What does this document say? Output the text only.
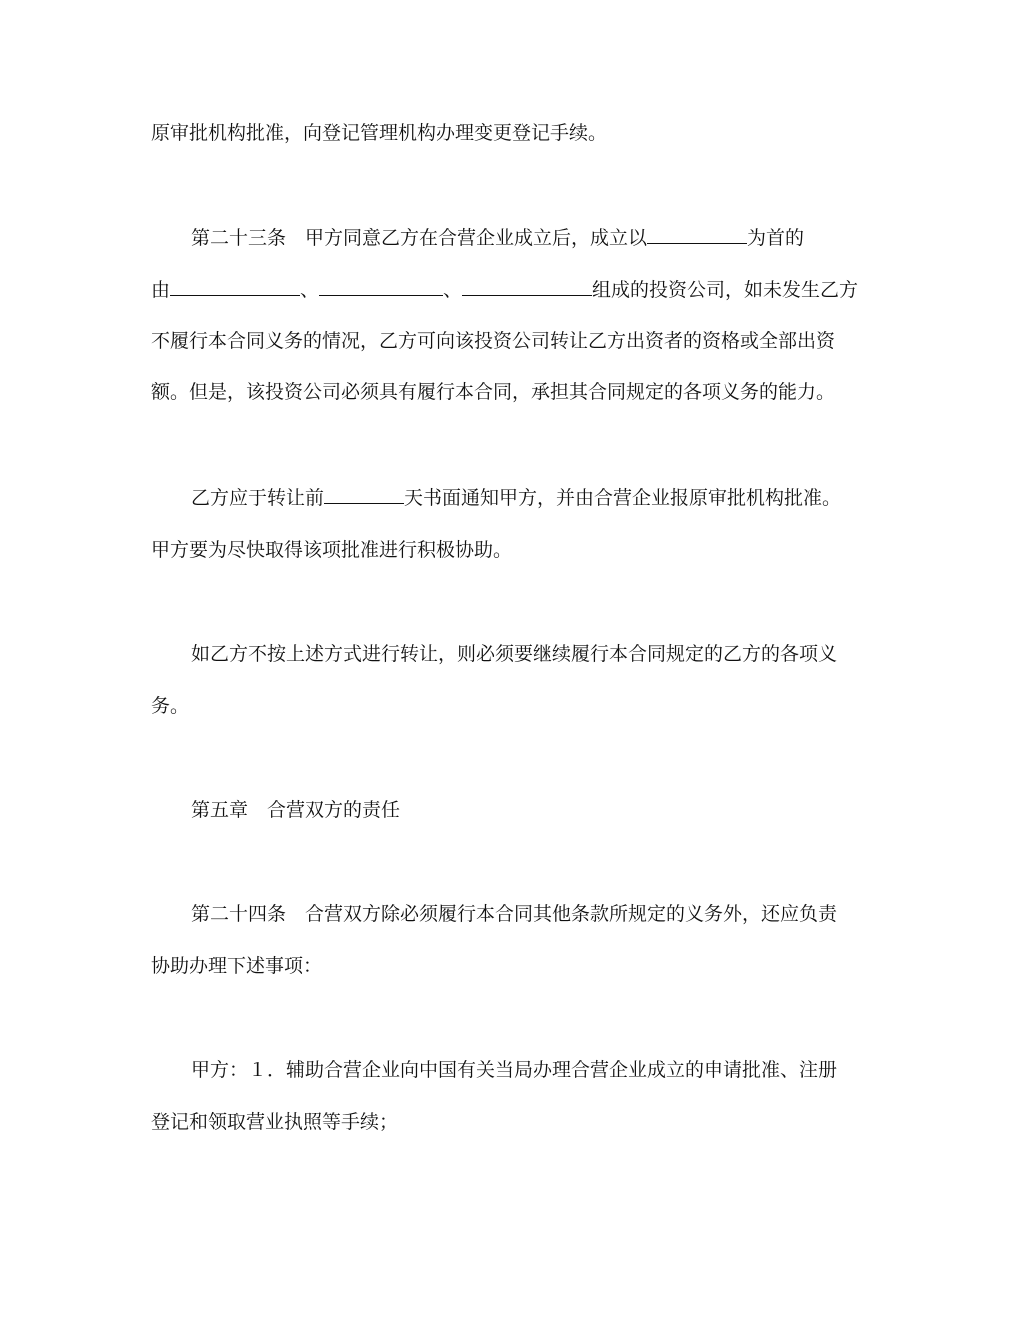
原审批机构批准，向登记管理机构办理变更登记手续。
第二十三条　甲方同意乙方在合营企业成立后，成立以	为首的
由	、	、	组成的投资公司，如未发生乙方
不履行本合同义务的情况，乙方可向该投资公司转让乙方出资者的资格或全部出资
额。但是，该投资公司必须具有履行本合同，承担其合同规定的各项义务的能力。
乙方应于转让前	天书面通知甲方，并由合营企业报原审批机构批准。
甲方要为尽快取得该项批准进行积极协助。
如乙方不按上述方式进行转让，则必须要继续履行本合同规定的乙方的各项义
务。
第五章　合营双方的责任
第二十四条　合营双方除必须履行本合同其他条款所规定的义务外，还应负责
协助办理下述事项：
甲方：１．辅助合营企业向中国有关当局办理合营企业成立的申请批准、注册
登记和领取营业执照等手续；
